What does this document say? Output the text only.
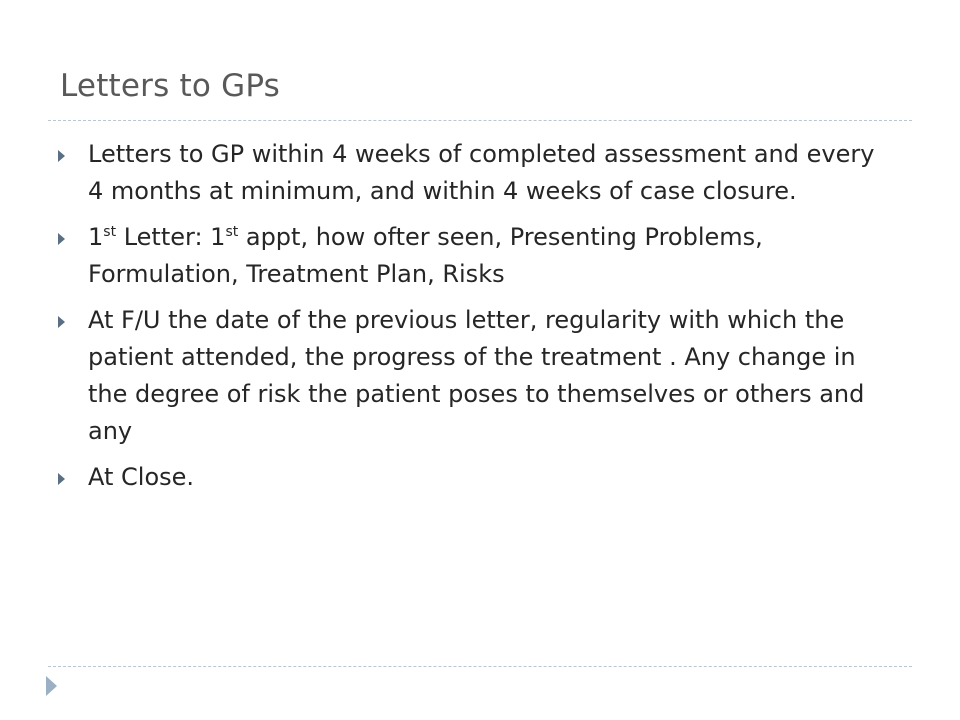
Letters to GPs
Letters to GP within 4 weeks of completed assessment and every 4 months at minimum, and within 4 weeks of case closure.
1st Letter: 1st appt, how ofter seen, Presenting Problems, Formulation, Treatment Plan, Risks
At F/U the date of the previous letter, regularity with which the patient attended, the progress of the treatment . Any change in the degree of risk the patient poses to themselves or others and any
At Close.
